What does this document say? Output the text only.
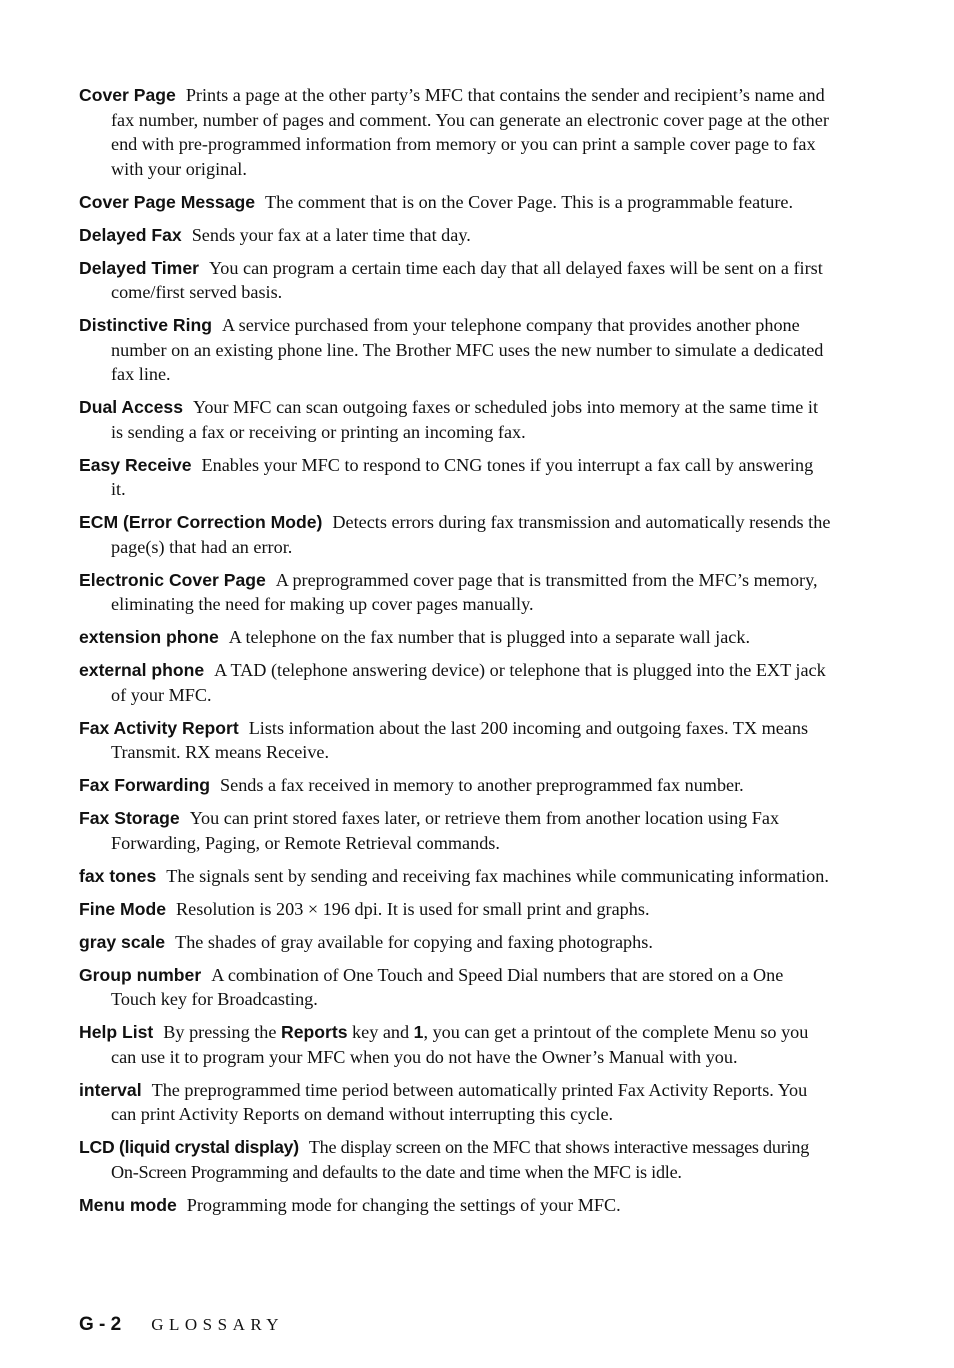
Cover Page Prints a page at the other party’s MFC that contains the sender and recipient’s name and fax number, number of pages and comment. You can generate an electronic cover page at the other end with pre-programmed information from memory or you can print a sample cover page to fax with your original.

Cover Page Message The comment that is on the Cover Page. This is a programmable feature.

Delayed Fax Sends your fax at a later time that day.

Delayed Timer You can program a certain time each day that all delayed faxes will be sent on a first come/first served basis.

Distinctive Ring A service purchased from your telephone company that provides another phone number on an existing phone line. The Brother MFC uses the new number to simulate a dedicated fax line.

Dual Access Your MFC can scan outgoing faxes or scheduled jobs into memory at the same time it is sending a fax or receiving or printing an incoming fax.

Easy Receive Enables your MFC to respond to CNG tones if you interrupt a fax call by answering it.

ECM (Error Correction Mode) Detects errors during fax transmission and automatically resends the page(s) that had an error.

Electronic Cover Page A preprogrammed cover page that is transmitted from the MFC’s memory, eliminating the need for making up cover pages manually.

extension phone A telephone on the fax number that is plugged into a separate wall jack.

external phone A TAD (telephone answering device) or telephone that is plugged into the EXT jack of your MFC.

Fax Activity Report Lists information about the last 200 incoming and outgoing faxes. TX means Transmit. RX means Receive.

Fax Forwarding Sends a fax received in memory to another preprogrammed fax number.

Fax Storage You can print stored faxes later, or retrieve them from another location using Fax Forwarding, Paging, or Remote Retrieval commands.

fax tones The signals sent by sending and receiving fax machines while communicating information.

Fine Mode Resolution is 203 × 196 dpi. It is used for small print and graphs.

gray scale The shades of gray available for copying and faxing photographs.

Group number A combination of One Touch and Speed Dial numbers that are stored on a One Touch key for Broadcasting.

Help List By pressing the Reports key and 1, you can get a printout of the complete Menu so you can use it to program your MFC when you do not have the Owner’s Manual with you.

interval The preprogrammed time period between automatically printed Fax Activity Reports. You can print Activity Reports on demand without interrupting this cycle.

LCD (liquid crystal display) The display screen on the MFC that shows interactive messages during On-Screen Programming and defaults to the date and time when the MFC is idle.

Menu mode Programming mode for changing the settings of your MFC.

G - 2 GLOSSARY
